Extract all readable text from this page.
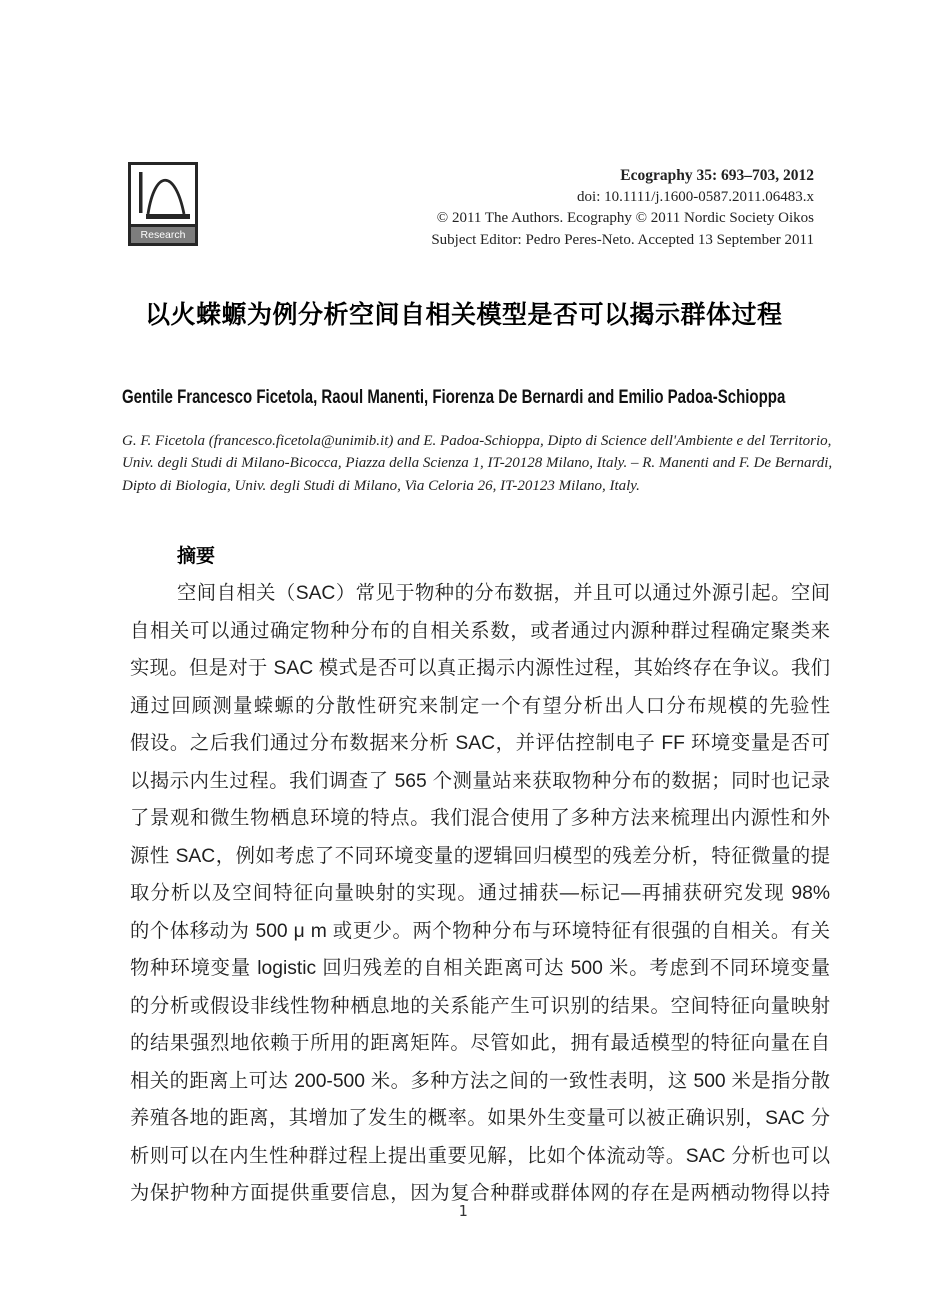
Research
Ecography 35: 693–703, 2012
doi: 10.1111/j.1600-0587.2011.06483.x
© 2011 The Authors. Ecography © 2011 Nordic Society Oikos
Subject Editor: Pedro Peres-Neto. Accepted 13 September 2011
以火蝾螈为例分析空间自相关模型是否可以揭示群体过程
Gentile Francesco Ficetola, Raoul Manenti, Fiorenza De Bernardi and Emilio Padoa-Schioppa
G. F. Ficetola (francesco.ficetola@unimib.it) and E. Padoa-Schioppa, Dipto di Science dell'Ambiente e del Territorio, Univ. degli Studi di Milano-Bicocca, Piazza della Scienza 1, IT-20128 Milano, Italy. – R. Manenti and F. De Bernardi, Dipto di Biologia, Univ. degli Studi di Milano, Via Celoria 26, IT-20123 Milano, Italy.
摘要
空间自相关（SAC）常见于物种的分布数据，并且可以通过外源引起。空间
自相关可以通过确定物种分布的自相关系数，或者通过内源种群过程确定聚类来
实现。但是对于 SAC 模式是否可以真正揭示内源性过程，其始终存在争议。我们
通过回顾测量蝾螈的分散性研究来制定一个有望分析出人口分布规模的先验性
假设。之后我们通过分布数据来分析 SAC，并评估控制电子 FF 环境变量是否可
以揭示内生过程。我们调查了 565 个测量站来获取物种分布的数据；同时也记录
了景观和微生物栖息环境的特点。我们混合使用了多种方法来梳理出内源性和外
源性 SAC，例如考虑了不同环境变量的逻辑回归模型的残差分析，特征微量的提
取分析以及空间特征向量映射的实现。通过捕获—标记—再捕获研究发现 98%
的个体移动为 500 μ m 或更少。两个物种分布与环境特征有很强的自相关。有关
物种环境变量 logistic 回归残差的自相关距离可达 500 米。考虑到不同环境变量
的分析或假设非线性物种栖息地的关系能产生可识别的结果。空间特征向量映射
的结果强烈地依赖于所用的距离矩阵。尽管如此，拥有最适模型的特征向量在自
相关的距离上可达 200-500 米。多种方法之间的一致性表明，这 500 米是指分散
养殖各地的距离，其增加了发生的概率。如果外生变量可以被正确识别，SAC 分
析则可以在内生性种群过程上提出重要见解，比如个体流动等。SAC 分析也可以
为保护物种方面提供重要信息，因为复合种群或群体网的存在是两栖动物得以持
1
